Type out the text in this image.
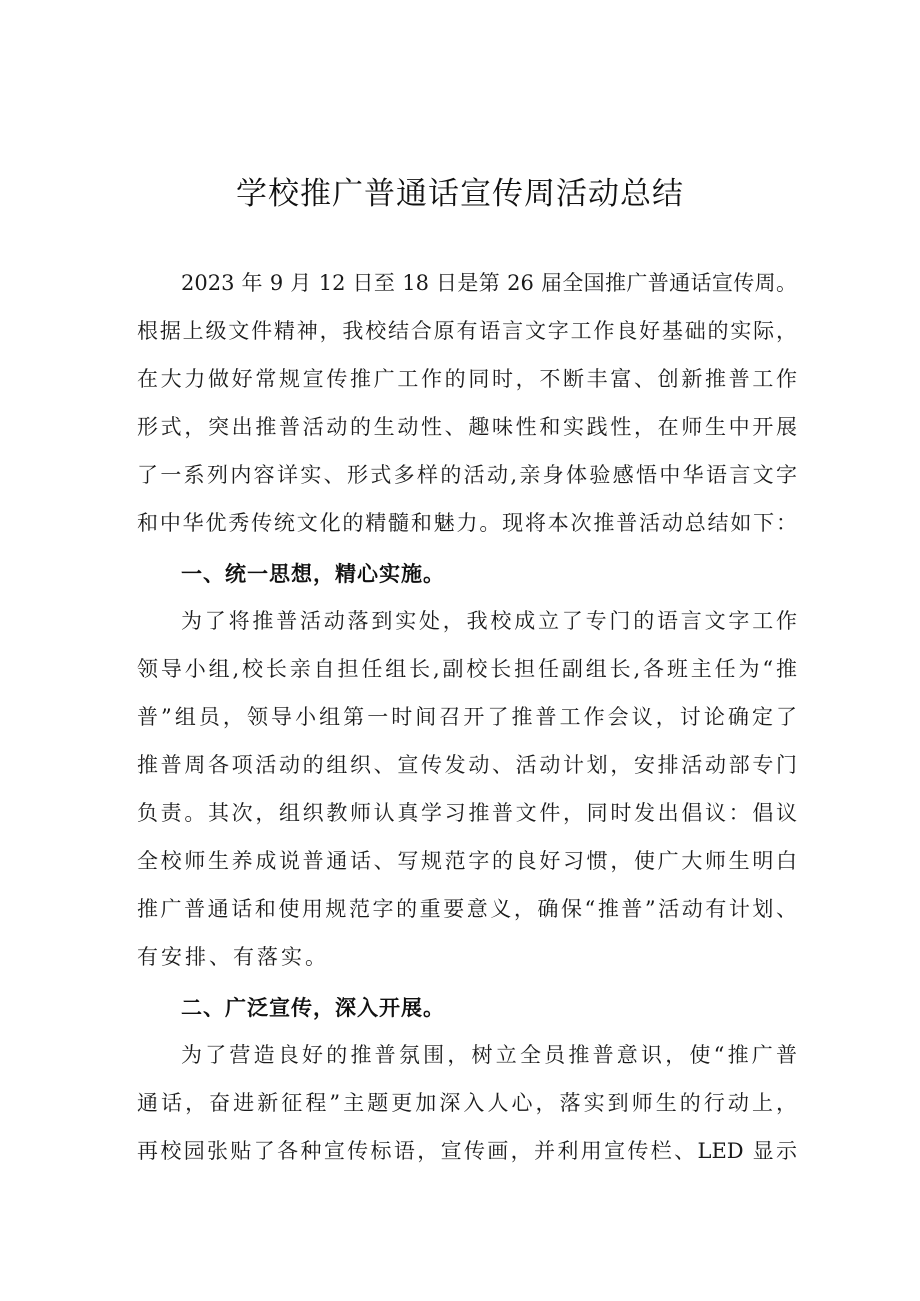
学校推广普通话宣传周活动总结
2023 年 9 月 12 日至 18 日是第 26 届全国推广普通话宣传周。
根据上级文件精神，我校结合原有语言文字工作良好基础的实际，
在大力做好常规宣传推广工作的同时，不断丰富、创新推普工作
形式，突出推普活动的生动性、趣味性和实践性，在师生中开展
了一系列内容详实、形式多样的活动,亲身体验感悟中华语言文字
和中华优秀传统文化的精髓和魅力。现将本次推普活动总结如下：
一、统一思想，精心实施。
为了将推普活动落到实处，我校成立了专门的语言文字工作
领导小组,校长亲自担任组长,副校长担任副组长,各班主任为“推
普”组员，领导小组第一时间召开了推普工作会议，讨论确定了
推普周各项活动的组织、宣传发动、活动计划，安排活动部专门
负责。其次，组织教师认真学习推普文件，同时发出倡议：倡议
全校师生养成说普通话、写规范字的良好习惯，使广大师生明白
推广普通话和使用规范字的重要意义，确保“推普”活动有计划、
有安排、有落实。
二、广泛宣传，深入开展。
为了营造良好的推普氛围，树立全员推普意识，使“推广普
通话，奋进新征程”主题更加深入人心，落实到师生的行动上，
再校园张贴了各种宣传标语，宣传画，并利用宣传栏、LED 显示
